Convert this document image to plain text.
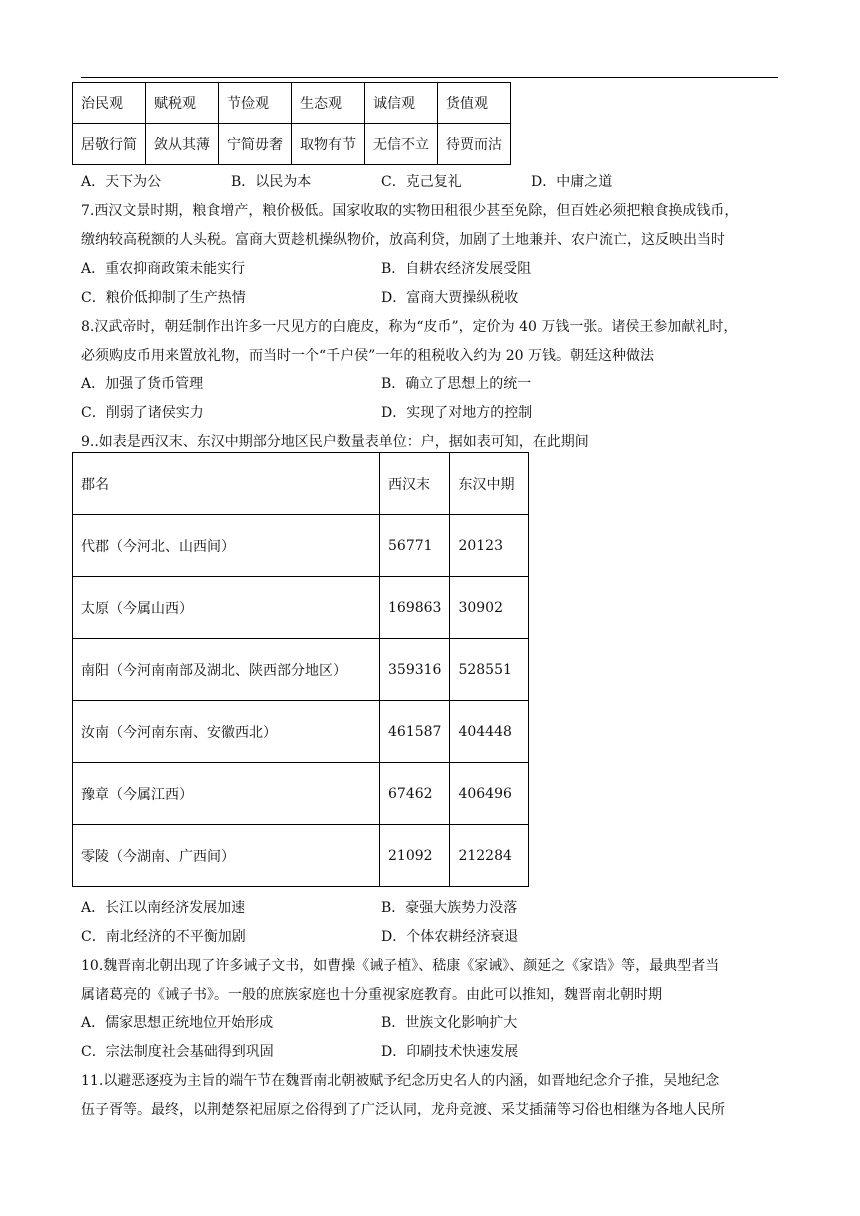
治民观	赋税观	节俭观	生态观	诚信观	货值观
居敬行简	敛从其薄	宁简毋奢	取物有节	无信不立	待贾而沽
A．天下为公	B．以民为本	C．克己复礼	D．中庸之道
7.西汉文景时期，粮食增产，粮价极低。国家收取的实物田租很少甚至免除，但百姓必须把粮食换成钱币，
缴纳较高税额的人头税。富商大贾趁机操纵物价，放高利贷，加剧了土地兼并、农户流亡，这反映出当时
A．重农抑商政策未能实行	B．自耕农经济发展受阻
C．粮价低抑制了生产热情	D．富商大贾操纵税收
8.汉武帝时，朝廷制作出许多一尺见方的白鹿皮，称为“皮币”，定价为 40 万钱一张。诸侯王参加献礼时，
必须购皮币用来置放礼物，而当时一个“千户侯”一年的租税收入约为 20 万钱。朝廷这种做法
A．加强了货币管理	B．确立了思想上的统一
C．削弱了诸侯实力	D．实现了对地方的控制
9..如表是西汉末、东汉中期部分地区民户数量表单位：户，据如表可知，在此期间
郡名	西汉末	东汉中期
代郡（今河北、山西间）	56771	20123
太原（今属山西）	169863	30902
南阳（今河南南部及湖北、陕西部分地区）	359316	528551
汝南（今河南东南、安徽西北）	461587	404448
豫章（今属江西）	67462	406496
零陵（今湖南、广西间）	21092	212284
A．长江以南经济发展加速	B．豪强大族势力没落
C．南北经济的不平衡加剧	D．个体农耕经济衰退
10.魏晋南北朝出现了许多诫子文书，如曹操《诫子植》、嵇康《家诫》、颜延之《家诰》等，最典型者当
属诸葛亮的《诫子书》。一般的庶族家庭也十分重视家庭教育。由此可以推知，魏晋南北朝时期
A．儒家思想正统地位开始形成	B．世族文化影响扩大
C．宗法制度社会基础得到巩固	D．印刷技术快速发展
11.以避恶逐疫为主旨的端午节在魏晋南北朝被赋予纪念历史名人的内涵，如晋地纪念介子推，吴地纪念
伍子胥等。最终，以荆楚祭祀屈原之俗得到了广泛认同，龙舟竞渡、采艾插蒲等习俗也相继为各地人民所
